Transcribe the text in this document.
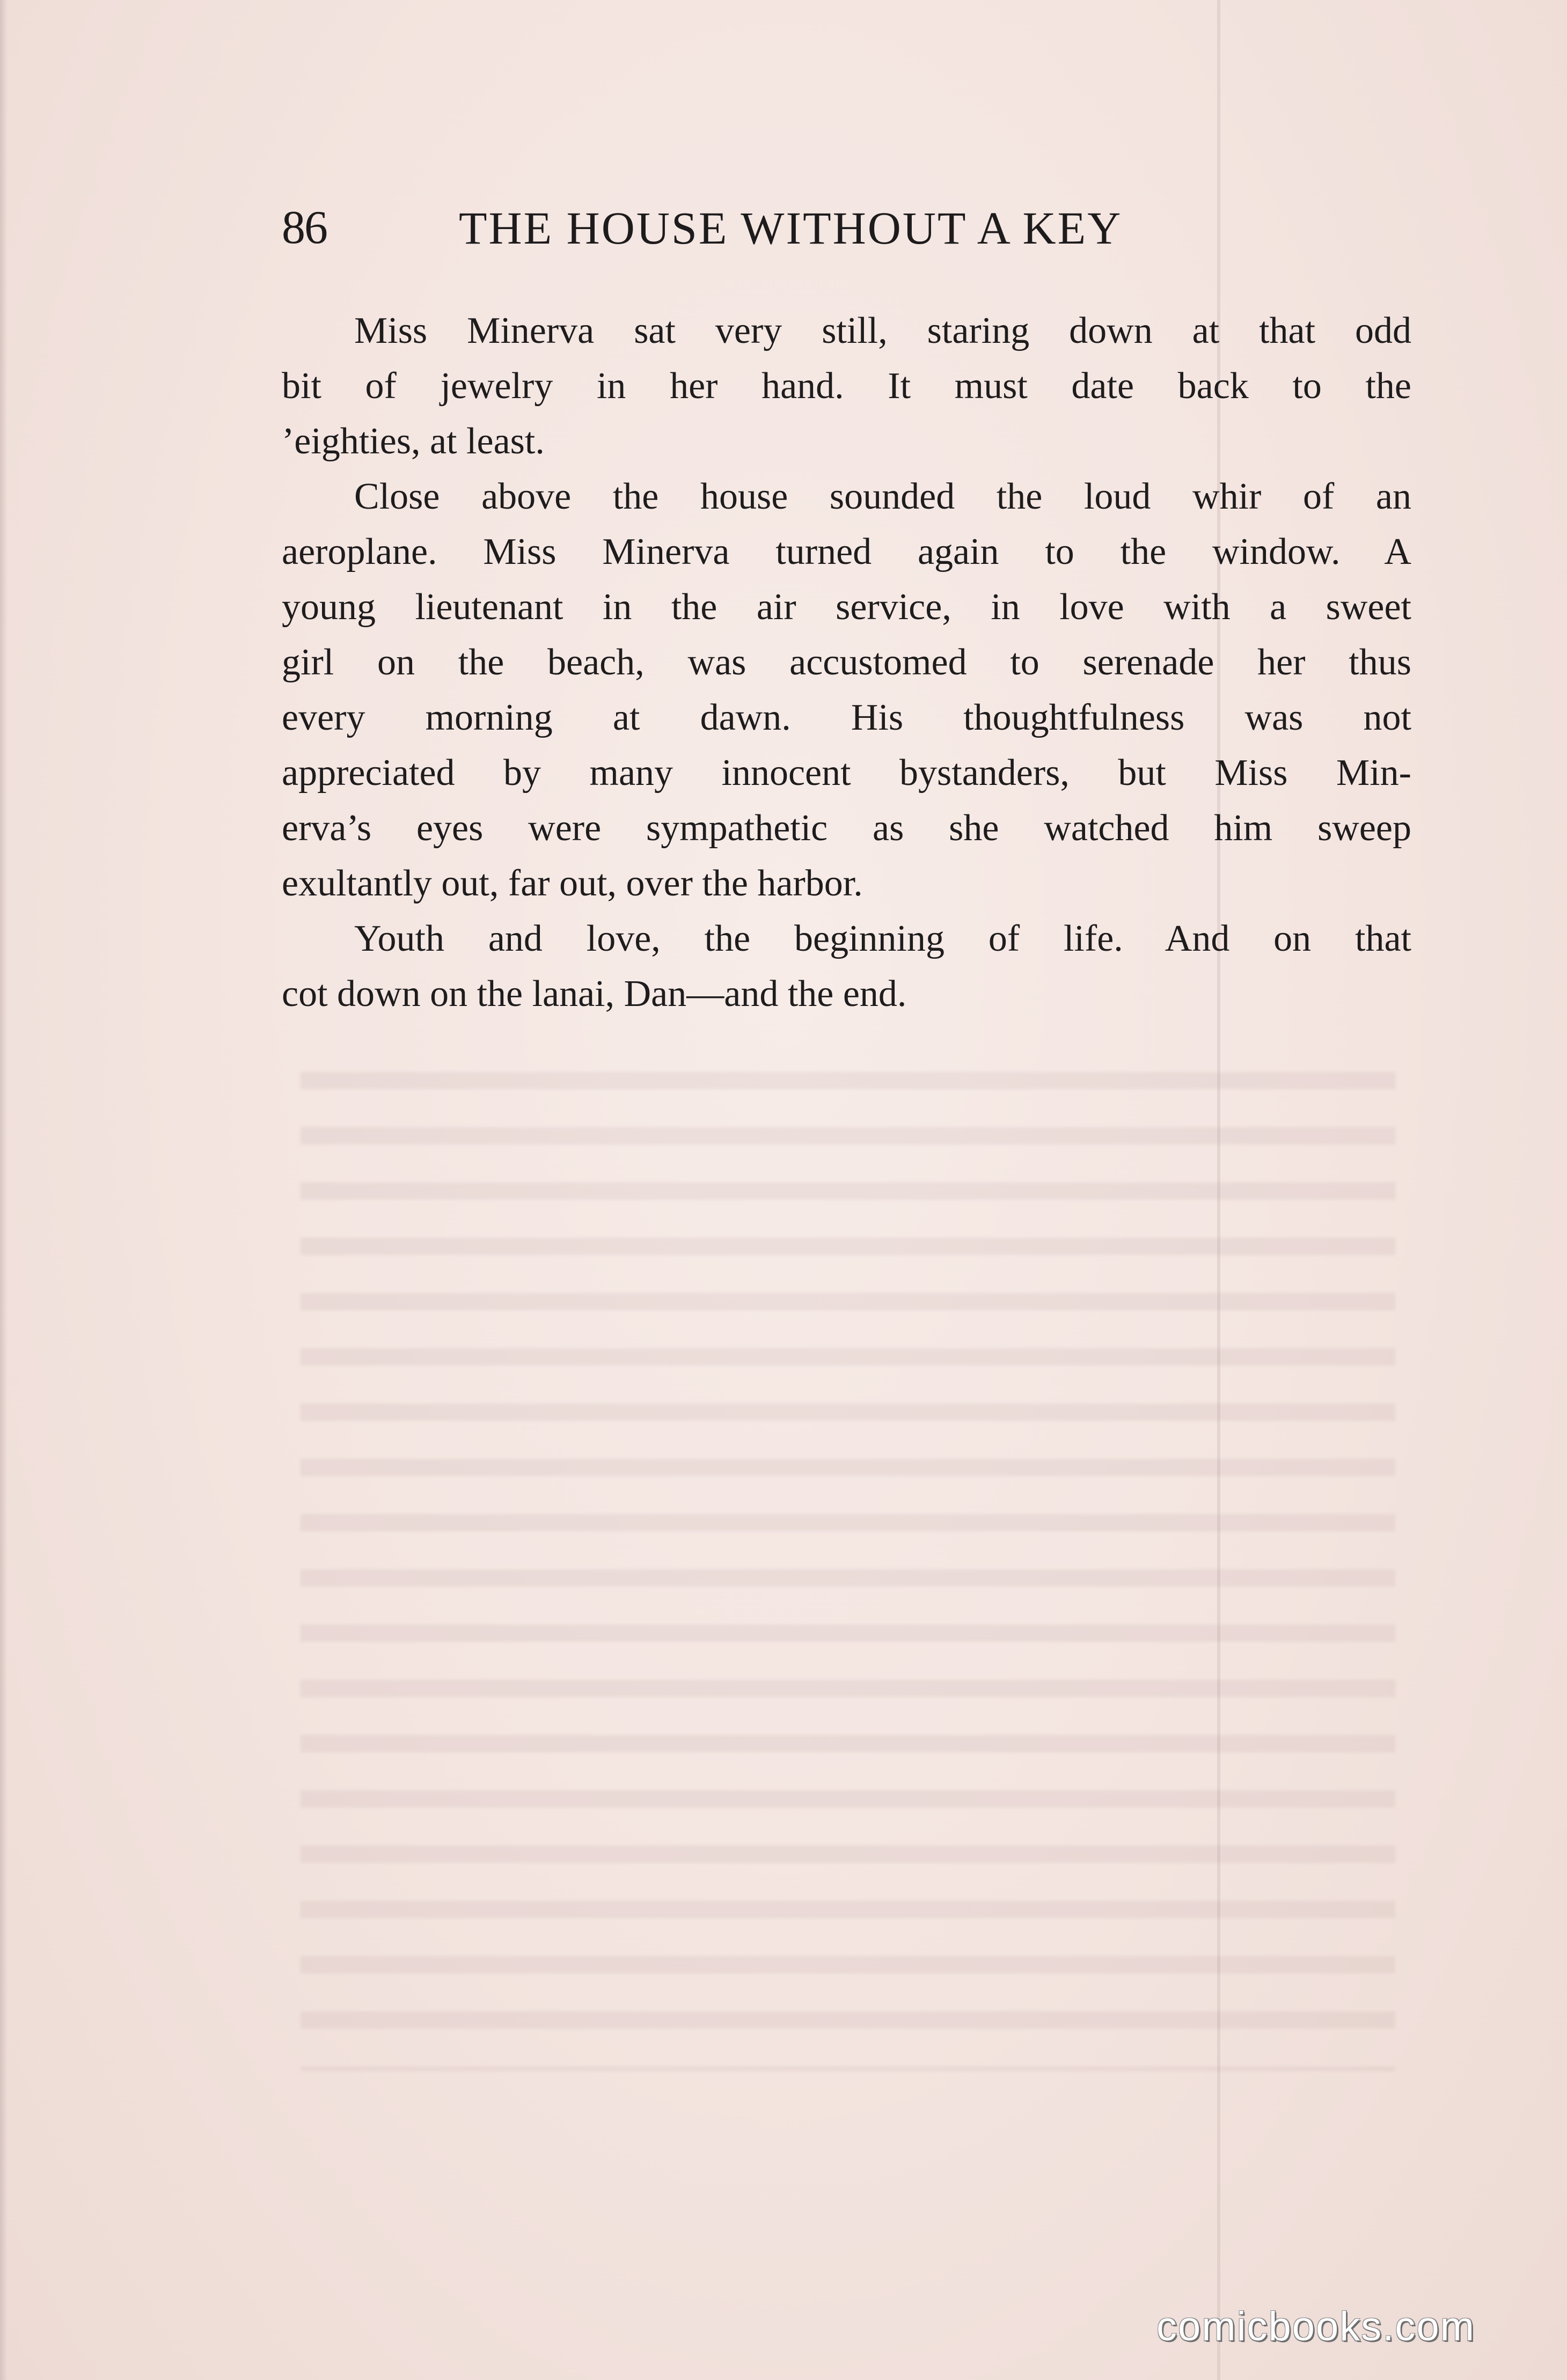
86	THE HOUSE WITHOUT A KEY
Miss Minerva sat very still, staring down at that odd
bit of jewelry in her hand. It must date back to the
’eighties, at least.
Close above the house sounded the loud whir of an
aeroplane. Miss Minerva turned again to the window. A
young lieutenant in the air service, in love with a sweet
girl on the beach, was accustomed to serenade her thus
every morning at dawn. His thoughtfulness was not
appreciated by many innocent bystanders, but Miss Min-
erva’s eyes were sympathetic as she watched him sweep
exultantly out, far out, over the harbor.
Youth and love, the beginning of life. And on that
cot down on the lanai, Dan—and the end.
comicbooks.com
